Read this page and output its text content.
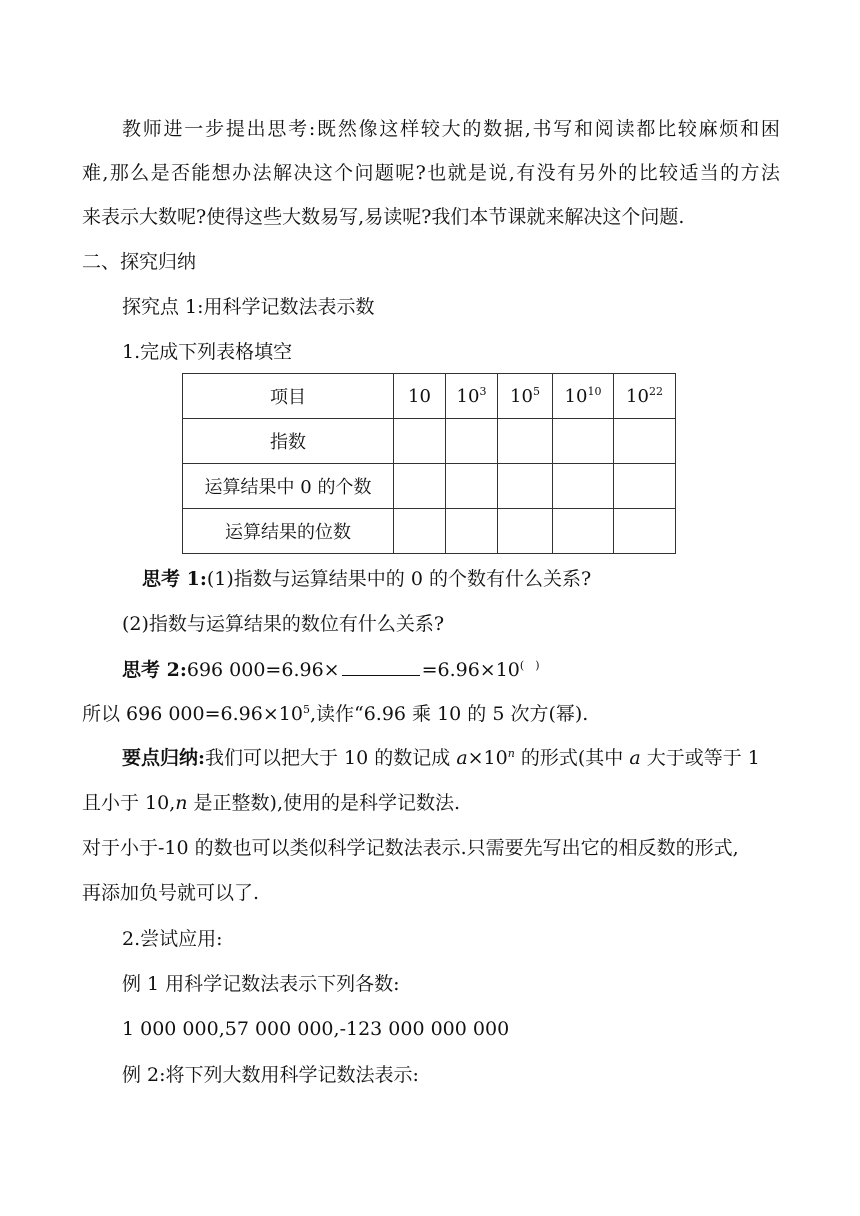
教 师 进 一 步 提 出 思 考 : 既 然 像 这 样 较 大 的 数 据 , 书 写 和 阅 读 都 比 较 麻 烦 和 困
难 , 那 么 是 否 能 想 办 法 解 决 这 个 问 题 呢 ? 也 就 是 说 , 有 没 有 另 外 的 比 较 适 当 的 方 法
来表示大数呢?使得这些大数易写,易读呢?我们本节课就来解决这个问题.
二、探究归纳
探究点 1:用科学记数法表示数
1.完成下列表格填空
项目	10	$10^3$	$10^5$	$10^{10}$	$10^{22}$
指数					
运算结果中 0 的个数					
运算结果的位数					
思考 1:(1)指数与运算结果中的 0 的个数有什么关系?
(2)指数与运算结果的数位有什么关系?
思考 2:696 000=6.96×	=6.96×10(　)
所以 696 $000=6.96\times 10^5$,读作“6.96 乘 10 的 5 次方(幂).
要点归纳:我们可以把大于 10 的数记成 $a\times 10^n$ 的形式(其中 a 大于或等于 1
且小于 10,n 是正整数),使用的是科学记数法.
对于小于-10 的数也可以类似科学记数法表示.只需要先写出它的相反数的形式,
再添加负号就可以了.
2.尝试应用:
例 1 用科学记数法表示下列各数:
1 000 000,57 000 000,-123 000 000 000
例 2:将下列大数用科学记数法表示:
